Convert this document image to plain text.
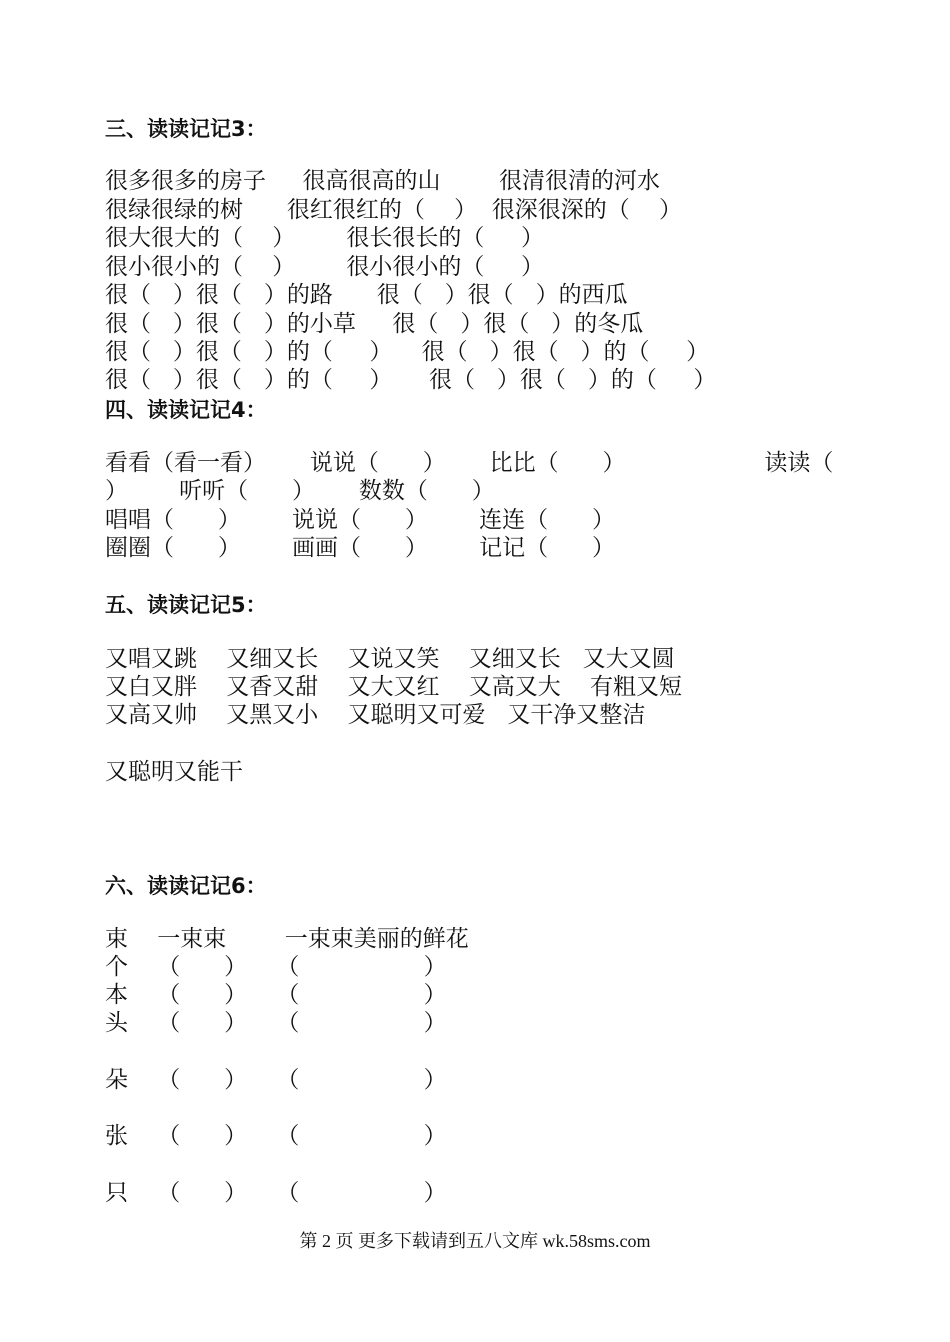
三、读读记记3：
很多很多的房子     很高很高的山        很清很清的河水
很绿很绿的树      很红很红的（    ）  很深很深的（    ）
很大很大的（    ）       很长很长的（     ）
很小很小的（    ）       很小很小的（     ）
很（   ）很（   ）的路      很（   ）很（   ）的西瓜
很（   ）很（   ）的小草     很（   ）很（   ）的冬瓜
很（   ）很（   ）的（     ）    很（   ）很（   ）的（     ）
很（   ）很（   ）的（     ）     很（   ）很（   ）的（     ）
四、读读记记4：
看看（看一看）      说说（      ）      比比（      ）                   读读（
）       听听（      ）      数数（      ）
唱唱（      ）       说说（      ）       连连（      ）
圈圈（      ）       画画（      ）       记记（      ）
五、读读记记5：
又唱又跳    又细又长    又说又笑    又细又长   又大又圆
又白又胖    又香又甜    又大又红    又高又大    有粗又短
又高又帅    又黑又小    又聪明又可爱   又干净又整洁
又聪明又能干
六、读读记记6：
束    一束束        一束束美丽的鲜花
个    （      ）    （                 ）
本    （      ）    （                 ）
头    （      ）    （                 ）
朵    （      ）    （                 ）
张    （      ）    （                 ）
只    （      ）    （                 ）
第 2 页 更多下载请到五八文库 wk.58sms.com
